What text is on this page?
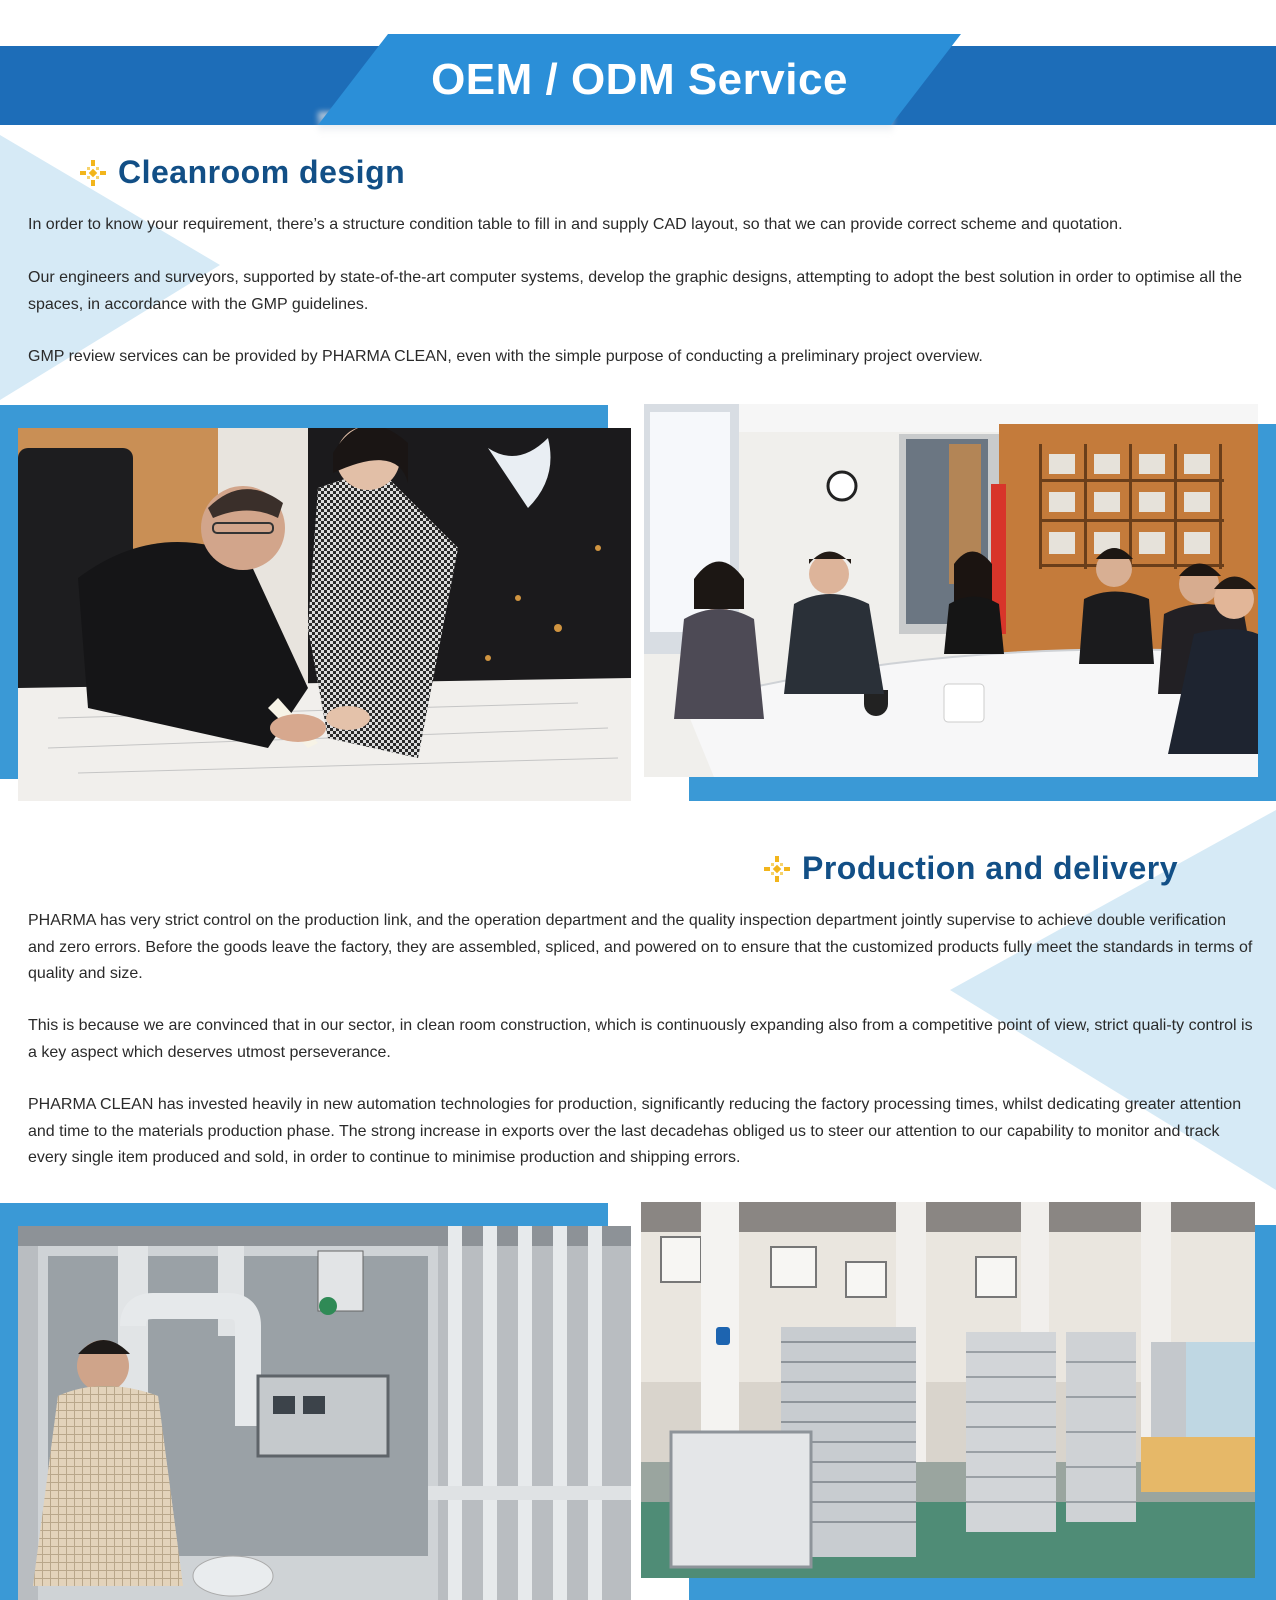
OEM / ODM Service
Cleanroom design

In order to know your requirement, there’s a structure condition table to fill in and supply CAD layout, so that we can provide correct scheme and quotation.

Our engineers and surveyors, supported by state-of-the-art computer systems, develop the graphic designs, attempting to adopt the best solution in order to optimise all the spaces, in accordance with the GMP guidelines.

GMP review services can be provided by PHARMA CLEAN, even with the simple purpose of conducting a preliminary project overview.

Production and delivery

PHARMA has very strict control on the production link, and the operation department and the quality inspection department jointly supervise to achieve double verification and zero errors. Before the goods leave the factory, they are assembled, spliced, and powered on to ensure that the customized products fully meet the standards in terms of quality and size.

This is because we are convinced that in our sector, in clean room construction, which is continuously expanding also from a competitive point of view, strict quali-ty control is a key aspect which deserves utmost perseverance.

PHARMA CLEAN has invested heavily in new automation technologies for production, significantly reducing the factory processing times, whilst dedicating greater attention and time to the materials production phase. The strong increase in exports over the last decadehas obliged us to steer our attention to our capability to monitor and track every single item produced and sold, in order to continue to minimise production and shipping errors.
